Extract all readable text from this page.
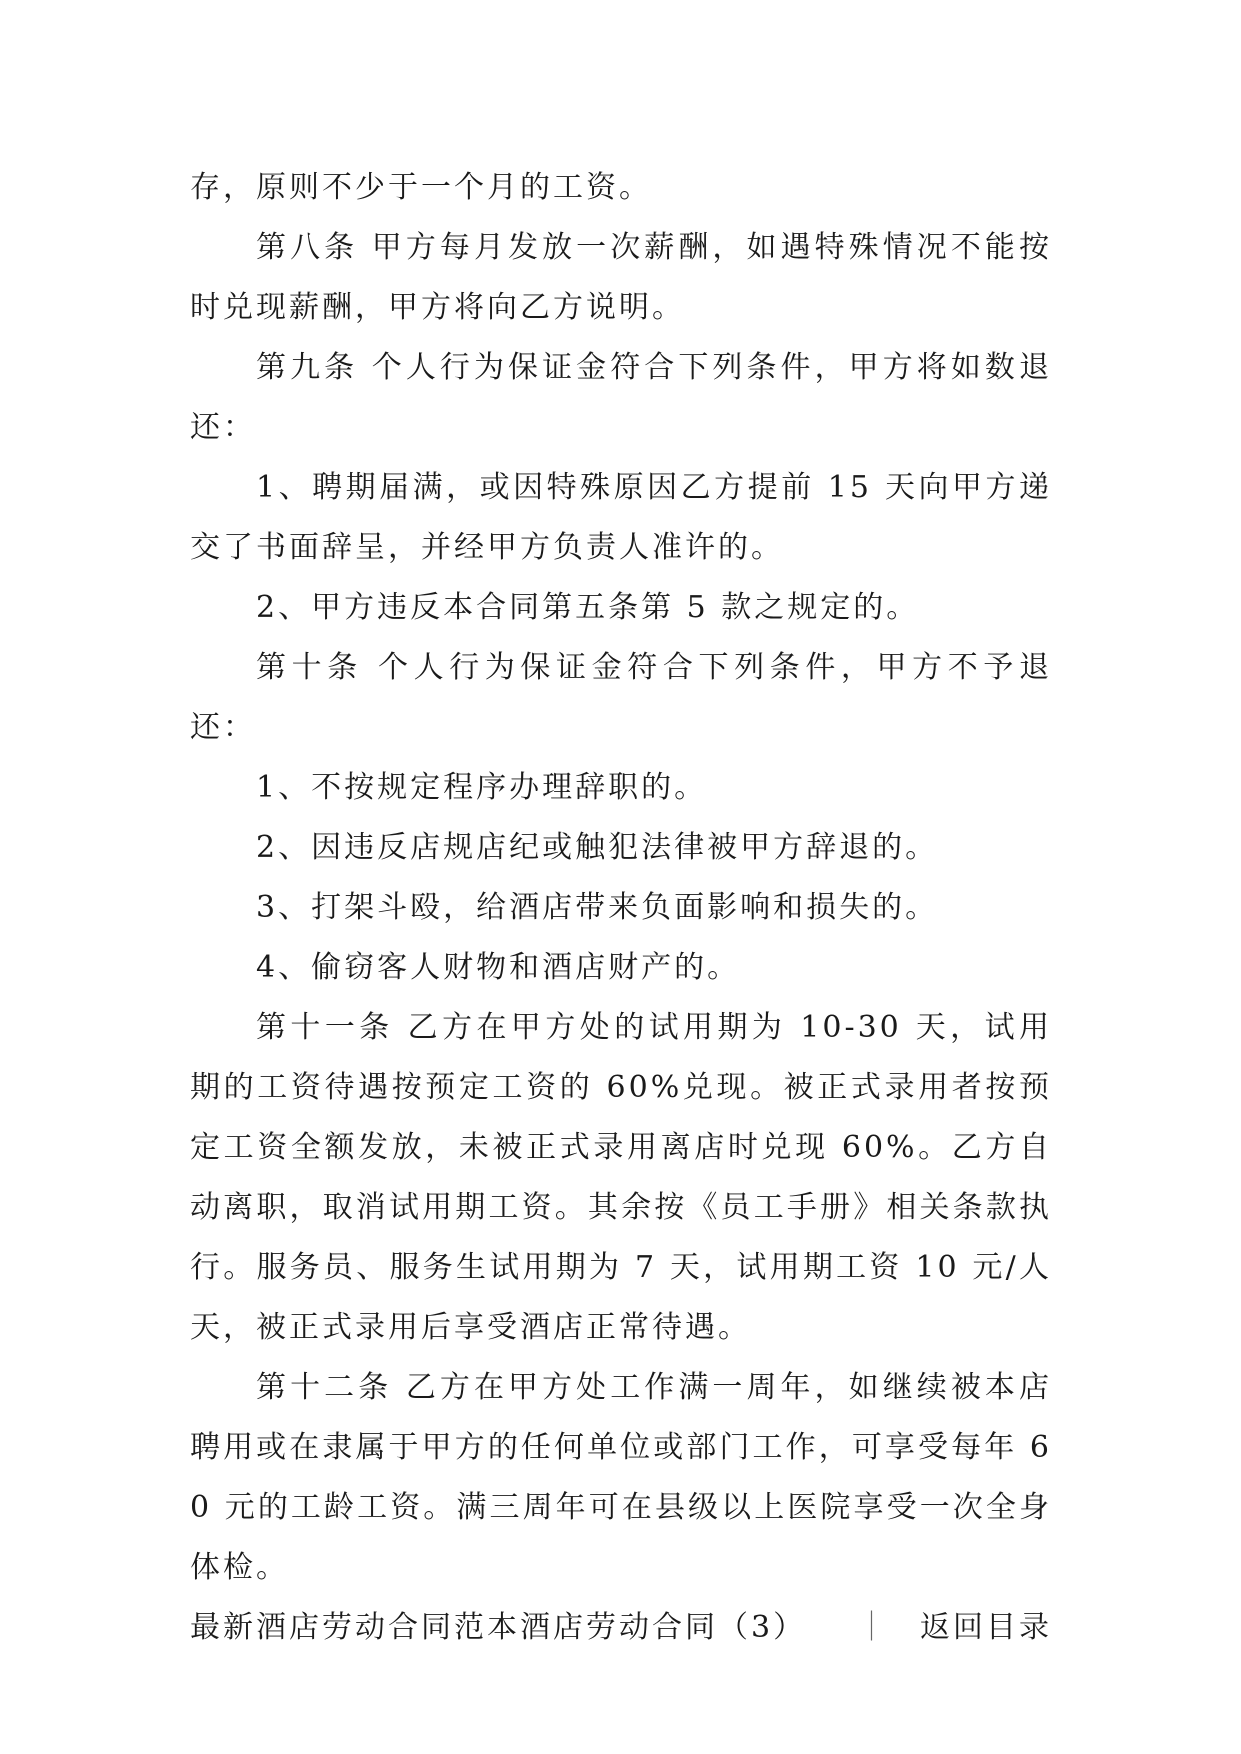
存，原则不少于一个月的工资。

第八条 甲方每月发放一次薪酬，如遇特殊情况不能按时兑现薪酬，甲方将向乙方说明。

第九条 个人行为保证金符合下列条件，甲方将如数退还：

1、聘期届满，或因特殊原因乙方提前 15 天向甲方递交了书面辞呈，并经甲方负责人准许的。

2、甲方违反本合同第五条第 5 款之规定的。

第十条 个人行为保证金符合下列条件，甲方不予退还：

1、不按规定程序办理辞职的。

2、因违反店规店纪或触犯法律被甲方辞退的。

3、打架斗殴，给酒店带来负面影响和损失的。

4、偷窃客人财物和酒店财产的。

第十一条 乙方在甲方处的试用期为 10-30 天，试用期的工资待遇按预定工资的 60%兑现。被正式录用者按预定工资全额发放，未被正式录用离店时兑现 60%。乙方自动离职，取消试用期工资。其余按《员工手册》相关条款执行。服务员、服务生试用期为 7 天，试用期工资 10 元/人天，被正式录用后享受酒店正常待遇。

第十二条 乙方在甲方处工作满一周年，如继续被本店聘用或在隶属于甲方的任何单位或部门工作，可享受每年 60 元的工龄工资。满三周年可在县级以上医院享受一次全身体检。

最新酒店劳动合同范本酒店劳动合同（3）	｜ 返回目录
